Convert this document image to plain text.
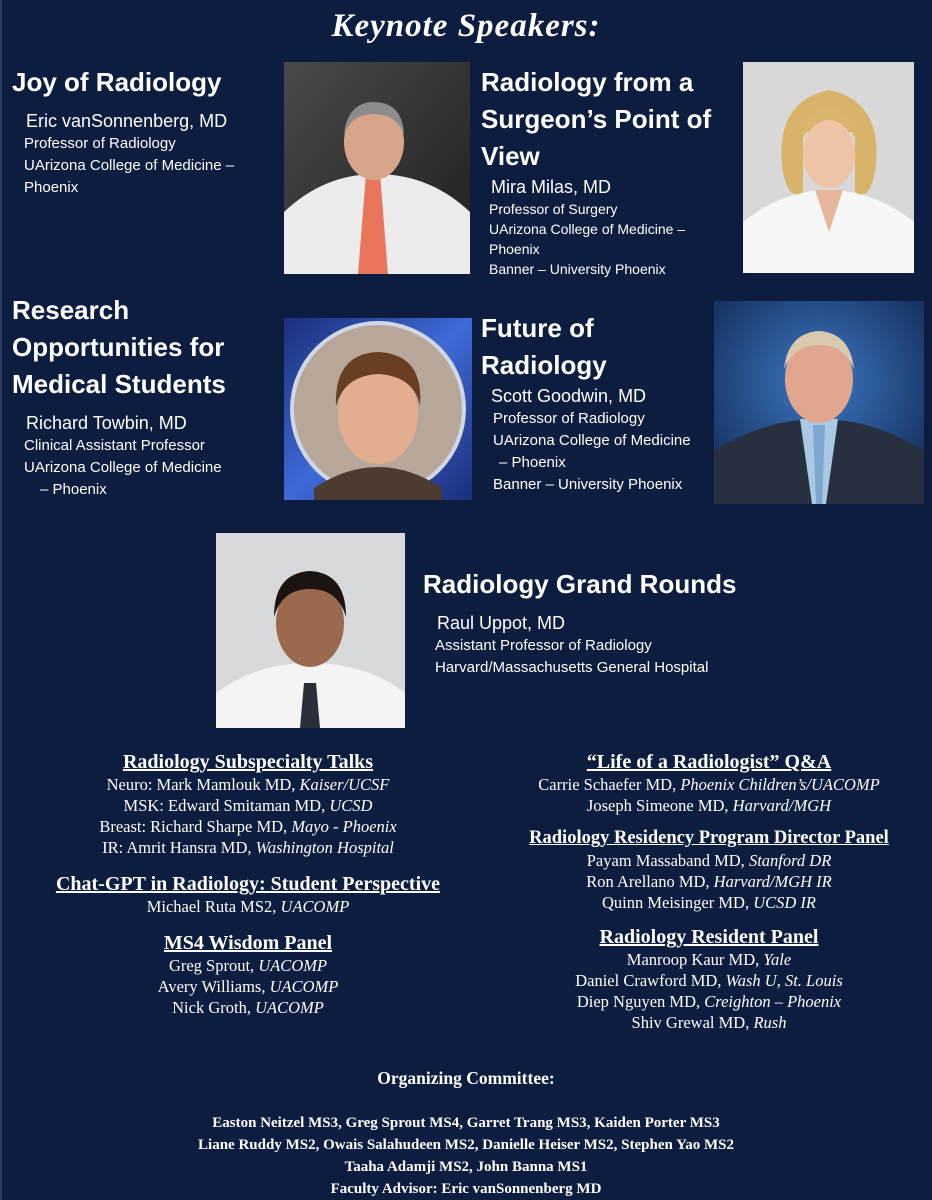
Keynote Speakers:
Joy of Radiology
Eric vanSonnenberg, MD
Professor of Radiology
UArizona College of Medicine –
Phoenix
Radiology from a
Surgeon’s Point of
View
Mira Milas, MD
Professor of Surgery
UArizona College of Medicine –
Phoenix
Banner – University Phoenix
Research
Opportunities for
Medical Students
Richard Towbin, MD
Clinical Assistant Professor
UArizona College of Medicine
– Phoenix
Future of
Radiology
Scott Goodwin, MD
Professor of Radiology
UArizona College of Medicine
– Phoenix
Banner – University Phoenix
Radiology Grand Rounds
Raul Uppot, MD
Assistant Professor of Radiology
Harvard/Massachusetts General Hospital
Radiology Subspecialty Talks
Neuro: Mark Mamlouk MD, Kaiser/UCSF
MSK: Edward Smitaman MD, UCSD
Breast: Richard Sharpe MD, Mayo - Phoenix
IR: Amrit Hansra MD, Washington Hospital
Chat-GPT in Radiology: Student Perspective
Michael Ruta MS2, UACOMP
MS4 Wisdom Panel
Greg Sprout, UACOMP
Avery Williams, UACOMP
Nick Groth, UACOMP
“Life of a Radiologist” Q&A
Carrie Schaefer MD, Phoenix Children’s/UACOMP
Joseph Simeone MD, Harvard/MGH
Radiology Residency Program Director Panel
Payam Massaband MD, Stanford DR
Ron Arellano MD, Harvard/MGH IR
Quinn Meisinger MD, UCSD IR
Radiology Resident Panel
Manroop Kaur MD, Yale
Daniel Crawford MD, Wash U, St. Louis
Diep Nguyen MD, Creighton – Phoenix
Shiv Grewal MD, Rush
Organizing Committee:
Easton Neitzel MS3, Greg Sprout MS4, Garret Trang MS3, Kaiden Porter MS3
Liane Ruddy MS2, Owais Salahudeen MS2, Danielle Heiser MS2, Stephen Yao MS2
Taaha Adamji MS2, John Banna MS1
Faculty Advisor: Eric vanSonnenberg MD
